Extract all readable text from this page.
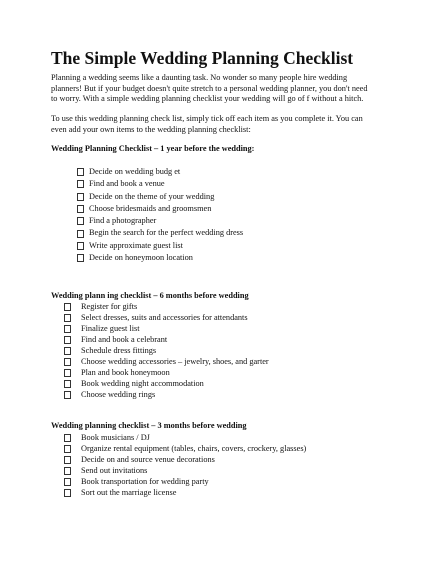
The Simple Wedding Planning Checklist

Planning a wedding seems like a daunting task. No wonder so many people hire wedding
planners! But if your budget doesn't quite stretch to a personal wedding planner, you don't need
to worry. With a simple wedding planning checklist your wedding will go of f without a hitch.

To use this wedding planning check list, simply tick off each item as you complete it. You can
even add your own items to the wedding planning checklist:

Wedding Planning Checklist – 1 year before the wedding:
Decide on wedding budg et
Find and book a venue
Decide on the theme of your wedding
Choose bridesmaids and groomsmen
Find a photographer
Begin the search for the perfect wedding dress
Write approximate guest list
Decide on honeymoon location
Wedding plann ing checklist – 6 months before wedding
Register for gifts
Select dresses, suits and accessories for attendants
Finalize guest list
Find and book a celebrant
Schedule dress fittings
Choose wedding accessories – jewelry, shoes, and garter
Plan and book honeymoon
Book wedding night accommodation
Choose wedding rings
Wedding planning checklist – 3 months before wedding
Book musicians / DJ
Organize rental equipment (tables, chairs, covers, crockery, glasses)
Decide on and source venue decorations
Send out invitations
Book transportation for wedding party
Sort out the marriage license
